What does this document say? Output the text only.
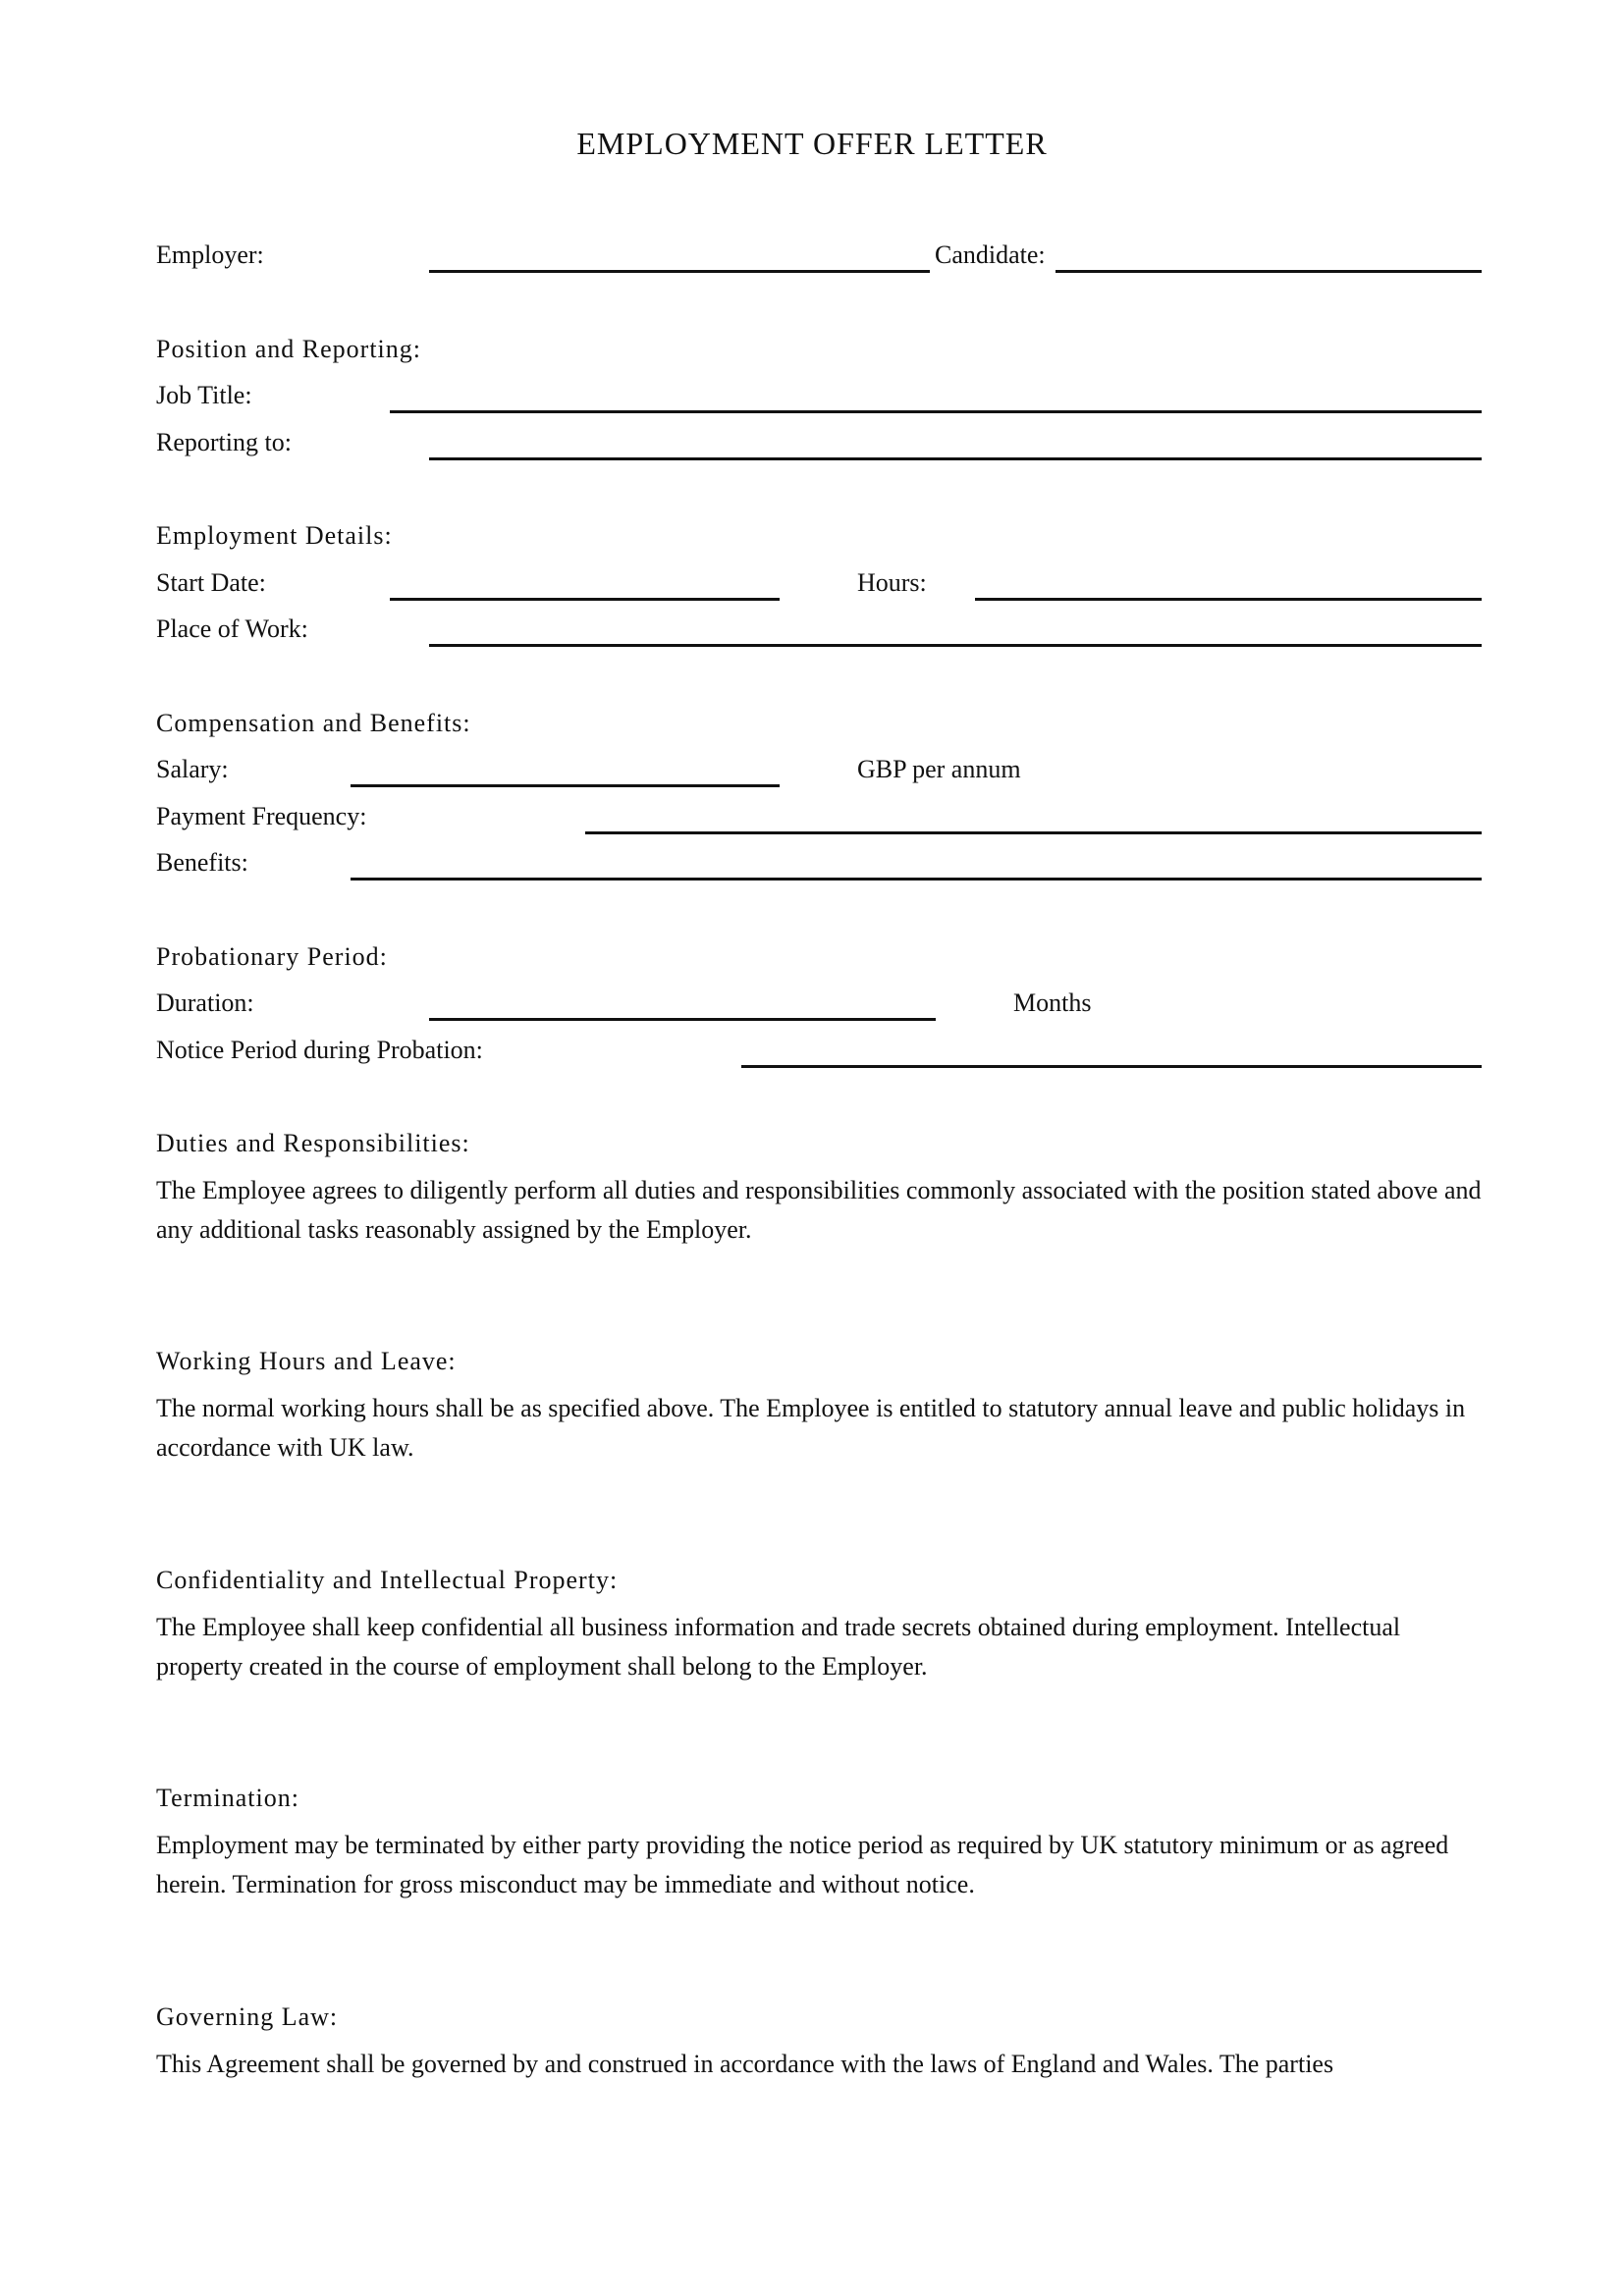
EMPLOYMENT OFFER LETTER
Employer:	Candidate:
Position and Reporting:
Job Title:
Reporting to:
Employment Details:
Start Date:	Hours:
Place of Work:
Compensation and Benefits:
Salary:	GBP per annum
Payment Frequency:
Benefits:
Probationary Period:
Duration:	Months
Notice Period during Probation:
Duties and Responsibilities:
The Employee agrees to diligently perform all duties and responsibilities commonly associated with the position stated above and any additional tasks reasonably assigned by the Employer.
Working Hours and Leave:
The normal working hours shall be as specified above. The Employee is entitled to statutory annual leave and public holidays in accordance with UK law.
Confidentiality and Intellectual Property:
The Employee shall keep confidential all business information and trade secrets obtained during employment. Intellectual property created in the course of employment shall belong to the Employer.
Termination:
Employment may be terminated by either party providing the notice period as required by UK statutory minimum or as agreed herein. Termination for gross misconduct may be immediate and without notice.
Governing Law:
This Agreement shall be governed by and construed in accordance with the laws of England and Wales. The parties
